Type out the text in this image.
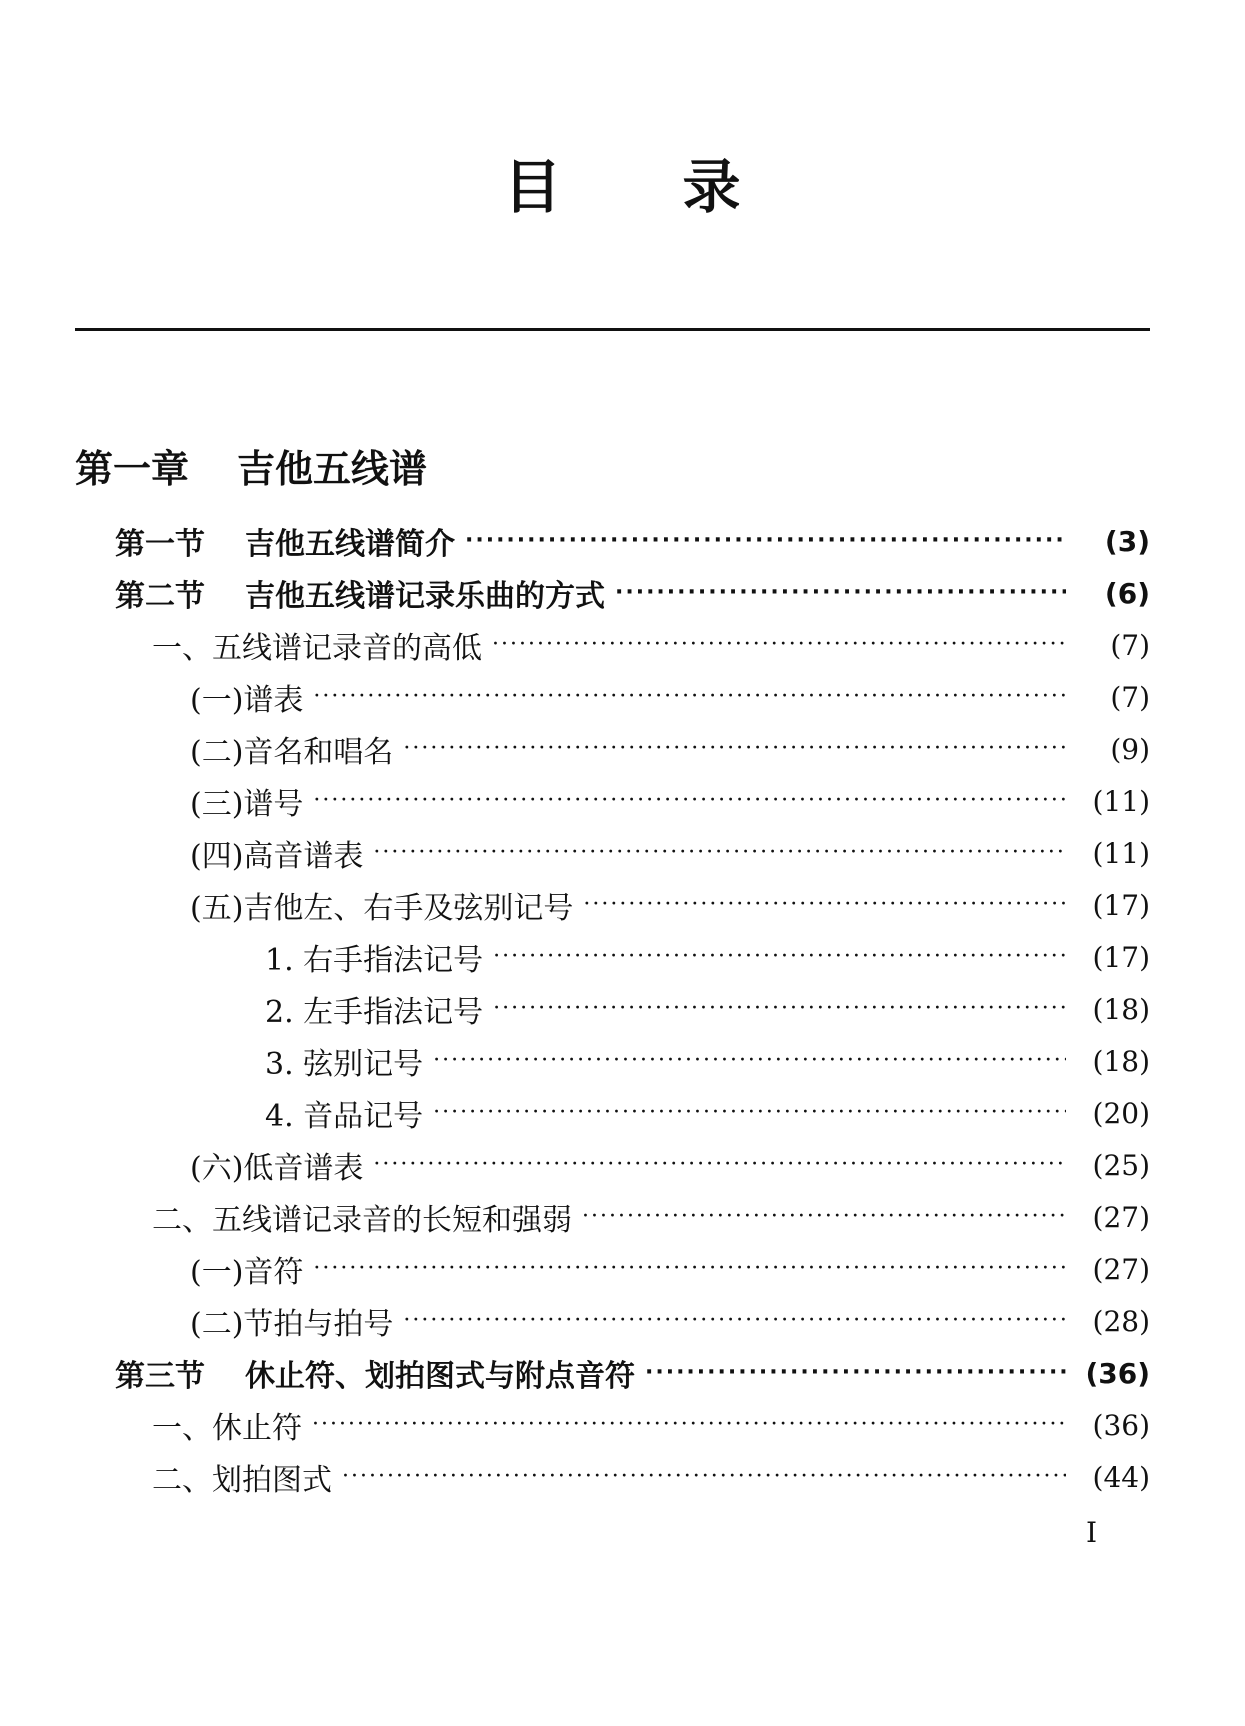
目 录
第一章 吉他五线谱
第一节 吉他五线谱简介 ·····	(3)
第二节 吉他五线谱记录乐曲的方式 ·····	(6)
一、五线谱记录音的高低 ·····	(7)
(一)谱表 ·····	(7)
(二)音名和唱名 ·····	(9)
(三)谱号 ·····	(11)
(四)高音谱表 ·····	(11)
(五)吉他左、右手及弦别记号 ·····	(17)
1. 右手指法记号 ·····	(17)
2. 左手指法记号 ·····	(18)
3. 弦别记号 ·····	(18)
4. 音品记号 ·····	(20)
(六)低音谱表 ·····	(25)
二、五线谱记录音的长短和强弱 ·····	(27)
(一)音符 ·····	(27)
(二)节拍与拍号 ·····	(28)
第三节 休止符、划拍图式与附点音符 ·····	(36)
一、休止符 ·····	(36)
二、划拍图式 ·····	(44)
I
